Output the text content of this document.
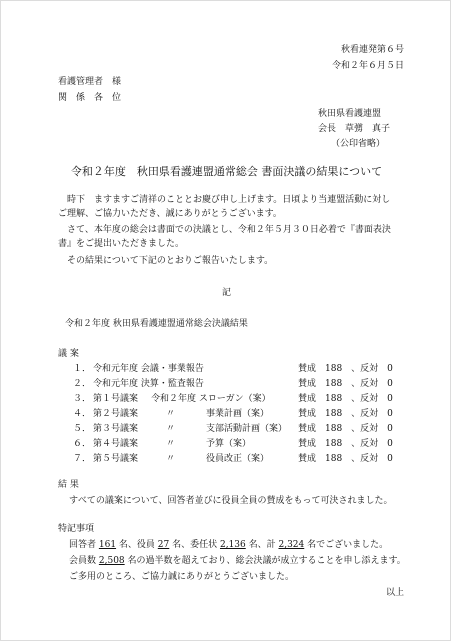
秋看連発第６号
令和２年６月５日
看護管理者　様
関　係　各　位
秋田県看護連盟
会長　草彅　真子
（公印省略）
令和２年度　秋田県看護連盟通常総会 書面決議の結果について
　時下　ますますご清祥のこととお慶び申し上げます。日頃より当連盟活動に対しご理解、ご協力いただき、誠にありがとうございます。
　さて、本年度の総会は書面での決議とし、令和２年５月３０日必着で『書面表決書』をご提出いただきました。
　その結果について下記のとおりご報告いたします。
記
令和２年度 秋田県看護連盟通常総会決議結果
議 案
１． 令和元年度 会議・事業報告	賛成　188　、反対　0
２． 令和元年度 決算・監査報告	賛成　188　、反対　0
３． 第１号議案 令和２年度 スローガン（案）	賛成　188　、反対　0
４． 第２号議案	〃	事業計画（案）	賛成　188　、反対　0
５． 第３号議案	〃	支部活動計画（案） 賛成　188　、反対　0
６． 第４号議案	〃	予算（案）	賛成　188　、反対　0
７． 第５号議案	〃	役員改正（案）	賛成　188　、反対　0
結 果
すべての議案について、回答者並びに役員全員の賛成をもって可決されました。
特記事項
回答者 161 名、役員 27 名、委任状 2,136 名、計 2,324 名でございました。
会員数 2,508 名の過半数を超えており、総会決議が成立することを申し添えます。
ご多用のところ、ご協力誠にありがとうございました。
以上
